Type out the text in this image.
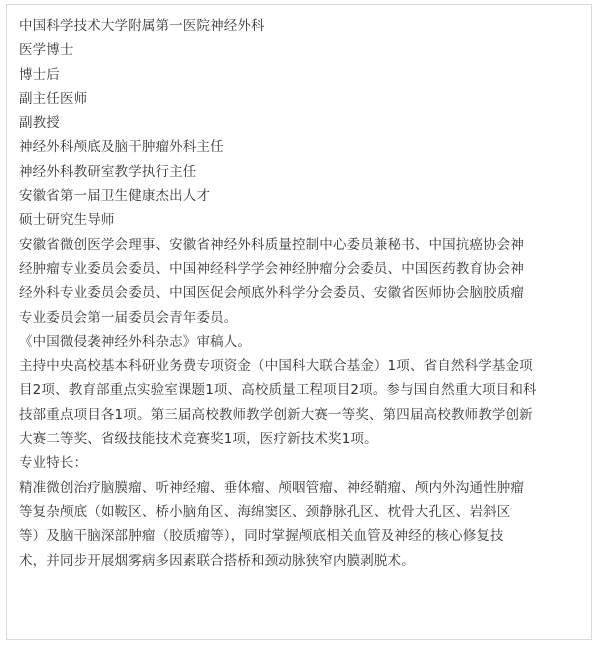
中国科学技术大学附属第一医院神经外科
医学博士
博士后
副主任医师
副教授
神经外科颅底及脑干肿瘤外科主任
神经外科教研室教学执行主任
安徽省第一届卫生健康杰出人才
硕士研究生导师
安徽省微创医学会理事、安徽省神经外科质量控制中心委员兼秘书、中国抗癌协会神
经肿瘤专业委员会委员、中国神经科学学会神经肿瘤分会委员、中国医药教育协会神
经外科专业委员会委员、中国医促会颅底外科学分会委员、安徽省医师协会脑胶质瘤
专业委员会第一届委员会青年委员。
《中国微侵袭神经外科杂志》审稿人。
主持中央高校基本科研业务费专项资金（中国科大联合基金）1项、省自然科学基金项
目2项、教育部重点实验室课题1项、高校质量工程项目2项。参与国自然重大项目和科
技部重点项目各1项。第三届高校教师教学创新大赛一等奖、第四届高校教师教学创新
大赛二等奖、省级技能技术竞赛奖1项，医疗新技术奖1项。
专业特长：
精准微创治疗脑膜瘤、听神经瘤、垂体瘤、颅咽管瘤、神经鞘瘤、颅内外沟通性肿瘤
等复杂颅底（如鞍区、桥小脑角区、海绵窦区、颈静脉孔区、枕骨大孔区、岩斜区
等）及脑干脑深部肿瘤（胶质瘤等），同时掌握颅底相关血管及神经的核心修复技
术，并同步开展烟雾病多因素联合搭桥和颈动脉狭窄内膜剥脱术。
